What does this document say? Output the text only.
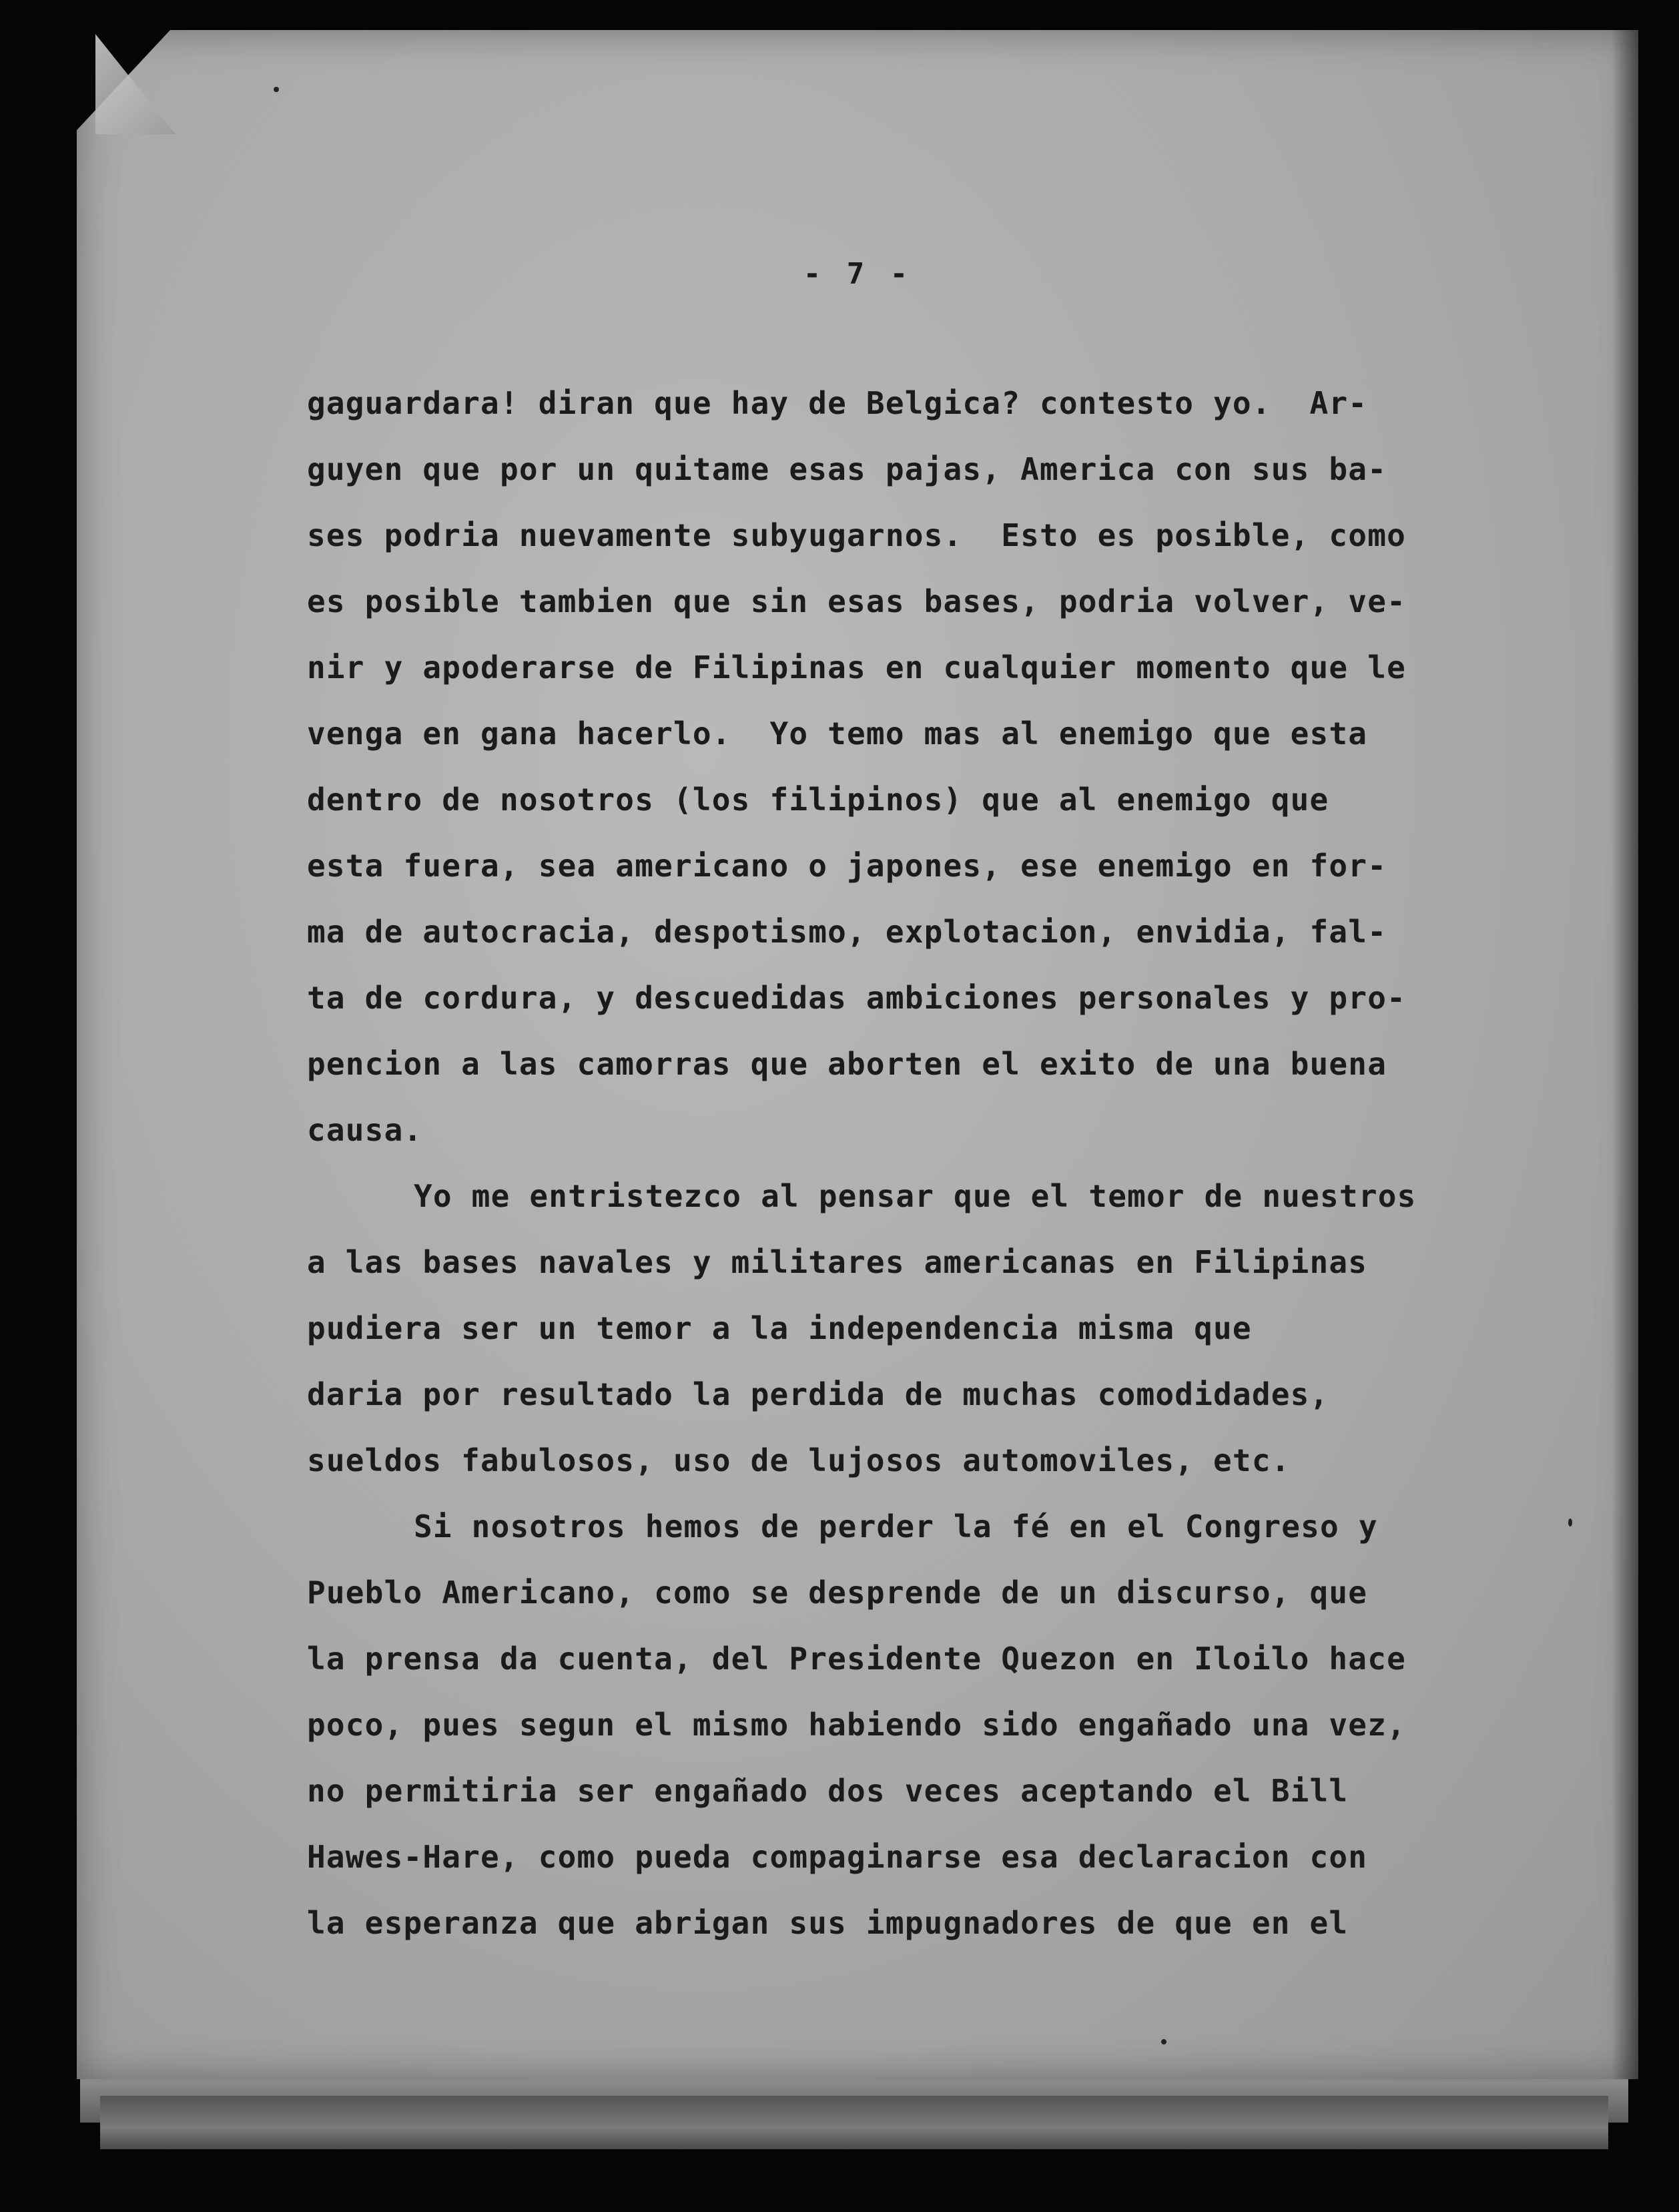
- 7 -
gaguardara! diran que hay de Belgica? contesto yo.  Ar-
guyen que por un quitame esas pajas, America con sus ba-
ses podria nuevamente subyugarnos.  Esto es posible, como
es posible tambien que sin esas bases, podria volver, ve-
nir y apoderarse de Filipinas en cualquier momento que le
venga en gana hacerlo.  Yo temo mas al enemigo que esta
dentro de nosotros (los filipinos) que al enemigo que
esta fuera, sea americano o japones, ese enemigo en for-
ma de autocracia, despotismo, explotacion, envidia, fal-
ta de cordura, y descuedidas ambiciones personales y pro-
pencion a las camorras que aborten el exito de una buena
causa.
Yo me entristezco al pensar que el temor de nuestros
a las bases navales y militares americanas en Filipinas
pudiera ser un temor a la independencia misma que
daria por resultado la perdida de muchas comodidades,
sueldos fabulosos, uso de lujosos automoviles, etc.
Si nosotros hemos de perder la fé en el Congreso y
Pueblo Americano, como se desprende de un discurso, que
la prensa da cuenta, del Presidente Quezon en Iloilo hace
poco, pues segun el mismo habiendo sido engañado una vez,
no permitiria ser engañado dos veces aceptando el Bill
Hawes-Hare, como pueda compaginarse esa declaracion con
la esperanza que abrigan sus impugnadores de que en el
